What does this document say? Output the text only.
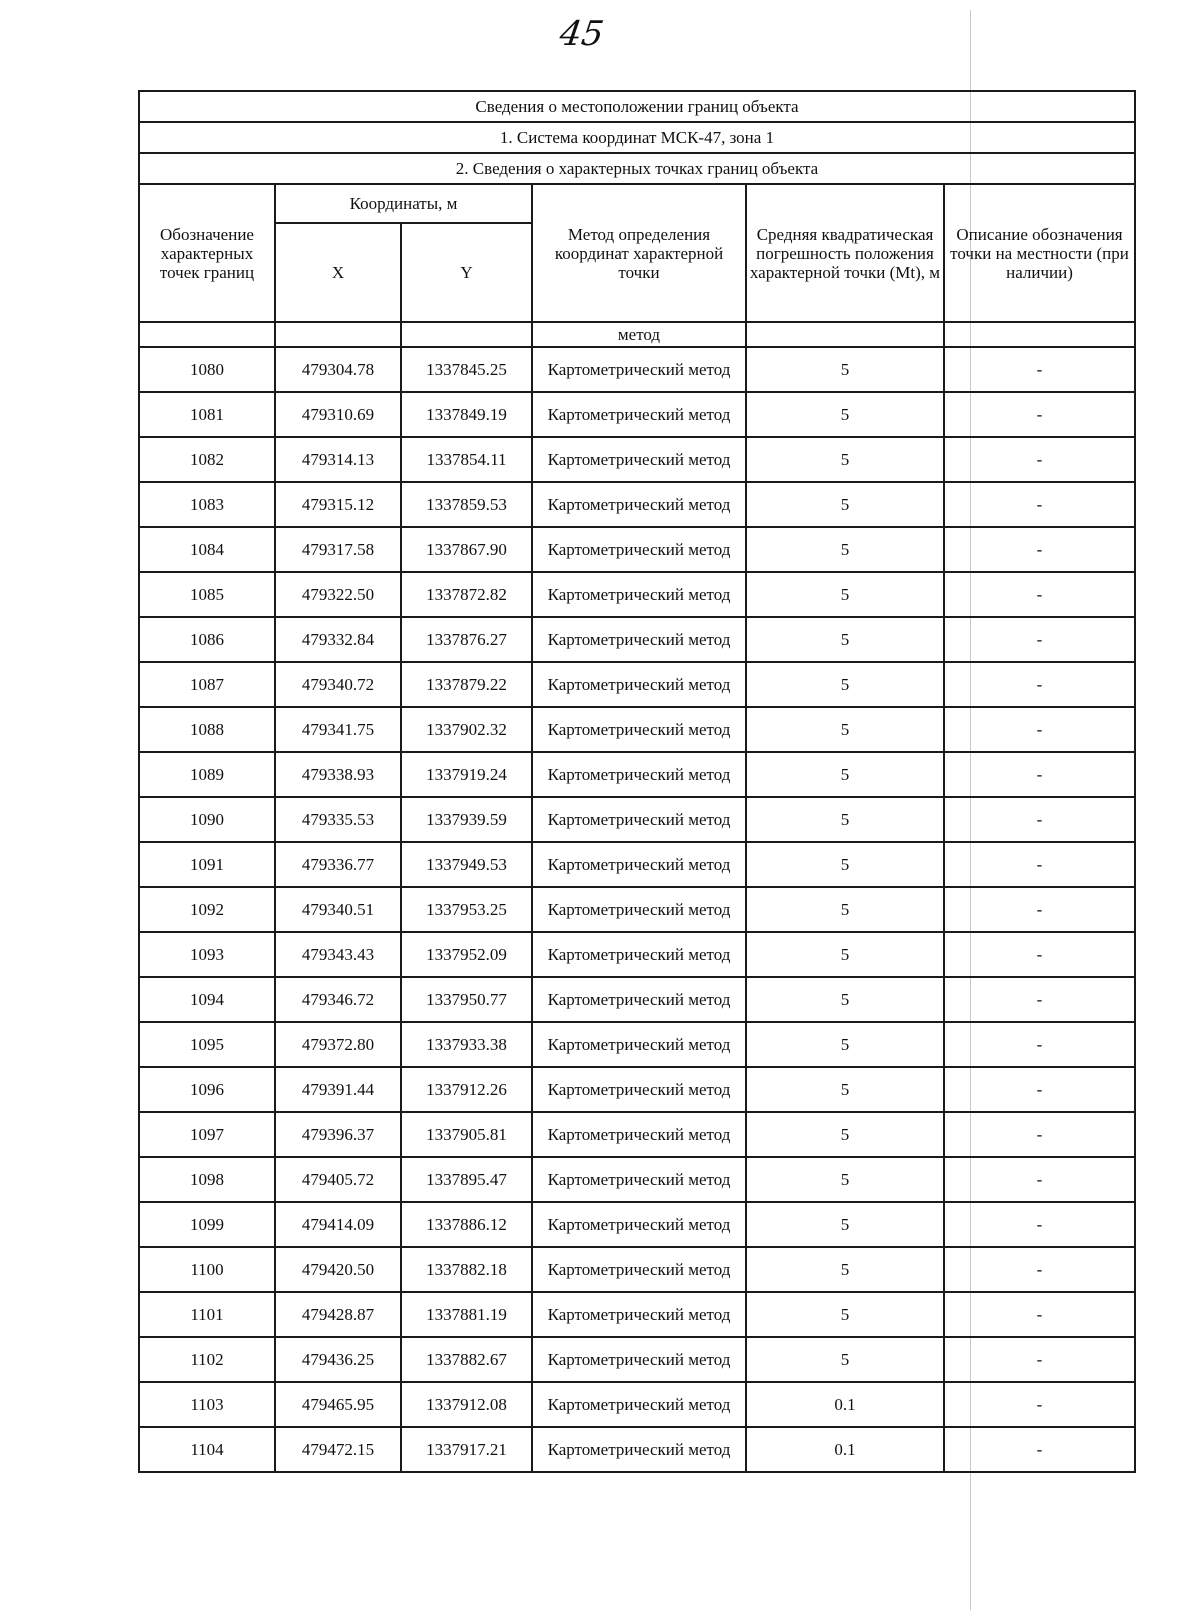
45
Сведения о местоположении границ объекта					
1. Система координат МСК-47, зона 1					
2. Сведения о характерных точках границ объекта					
Обозначение характерных точек границ	Координаты, м		Метод определения координат характерной точки	Средняя квадратическая погрешность положения характерной точки (Mt), м	Описание обозначения точки на местности (при наличии)
	X	Y			
			метод		
1080	479304.78	1337845.25	Картометрический метод	5	-
1081	479310.69	1337849.19	Картометрический метод	5	-
1082	479314.13	1337854.11	Картометрический метод	5	-
1083	479315.12	1337859.53	Картометрический метод	5	-
1084	479317.58	1337867.90	Картометрический метод	5	-
1085	479322.50	1337872.82	Картометрический метод	5	-
1086	479332.84	1337876.27	Картометрический метод	5	-
1087	479340.72	1337879.22	Картометрический метод	5	-
1088	479341.75	1337902.32	Картометрический метод	5	-
1089	479338.93	1337919.24	Картометрический метод	5	-
1090	479335.53	1337939.59	Картометрический метод	5	-
1091	479336.77	1337949.53	Картометрический метод	5	-
1092	479340.51	1337953.25	Картометрический метод	5	-
1093	479343.43	1337952.09	Картометрический метод	5	-
1094	479346.72	1337950.77	Картометрический метод	5	-
1095	479372.80	1337933.38	Картометрический метод	5	-
1096	479391.44	1337912.26	Картометрический метод	5	-
1097	479396.37	1337905.81	Картометрический метод	5	-
1098	479405.72	1337895.47	Картометрический метод	5	-
1099	479414.09	1337886.12	Картометрический метод	5	-
1100	479420.50	1337882.18	Картометрический метод	5	-
1101	479428.87	1337881.19	Картометрический метод	5	-
1102	479436.25	1337882.67	Картометрический метод	5	-
1103	479465.95	1337912.08	Картометрический метод	0.1	-
1104	479472.15	1337917.21	Картометрический метод	0.1	-
